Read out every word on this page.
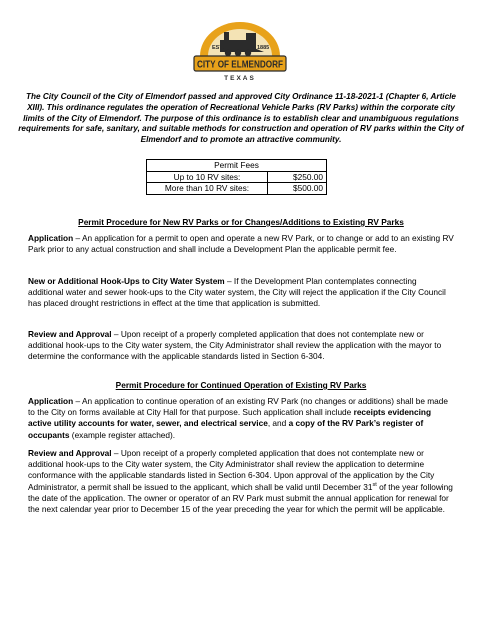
EST.	1885
CITY OF ELMENDORF
TEXAS
The City Council of the City of Elmendorf passed and approved City Ordinance 11-18-2021-1 (Chapter 6, Article XIII). This ordinance regulates the operation of Recreational Vehicle Parks (RV Parks) within the corporate city limits of the City of Elmendorf. The purpose of this ordinance is to establish clear and unambiguous regulations requirements for safe, sanitary, and suitable methods for construction and operation of RV parks within the City of Elmendorf and to promote an attractive community.
Permit Fees	
Up to 10 RV sites:	$250.00
More than 10 RV sites:	$500.00
Permit Procedure for New RV Parks or for Changes/Additions to Existing RV Parks
Application – An application for a permit to open and operate a new RV Park, or to change or add to an existing RV Park prior to any actual construction and shall include a Development Plan the applicable permit fee.
New or Additional Hook-Ups to City Water System – If the Development Plan contemplates connecting additional water and sewer hook-ups to the City water system, the City will reject the application if the City Council has placed drought restrictions in effect at the time that application is submitted.
Review and Approval – Upon receipt of a properly completed application that does not contemplate new or additional hook-ups to the City water system, the City Administrator shall review the application with the mayor to determine the conformance with the applicable standards listed in Section 6-304.
Permit Procedure for Continued Operation of Existing RV Parks
Application – An application to continue operation of an existing RV Park (no changes or additions) shall be made to the City on forms available at City Hall for that purpose. Such application shall include receipts evidencing active utility accounts for water, sewer, and electrical service, and a copy of the RV Park’s register of occupants (example register attached).
Review and Approval – Upon receipt of a properly completed application that does not contemplate new or additional hook-ups to the City water system, the City Administrator shall review the application to determine conformance with the applicable standards listed in Section 6-304. Upon approval of the application by the City Administrator, a permit shall be issued to the applicant, which shall be valid until December 31st of the year following the date of the application. The owner or operator of an RV Park must submit the annual application for renewal for the next calendar year prior to December 15 of the year preceding the year for which the permit will be applicable.
